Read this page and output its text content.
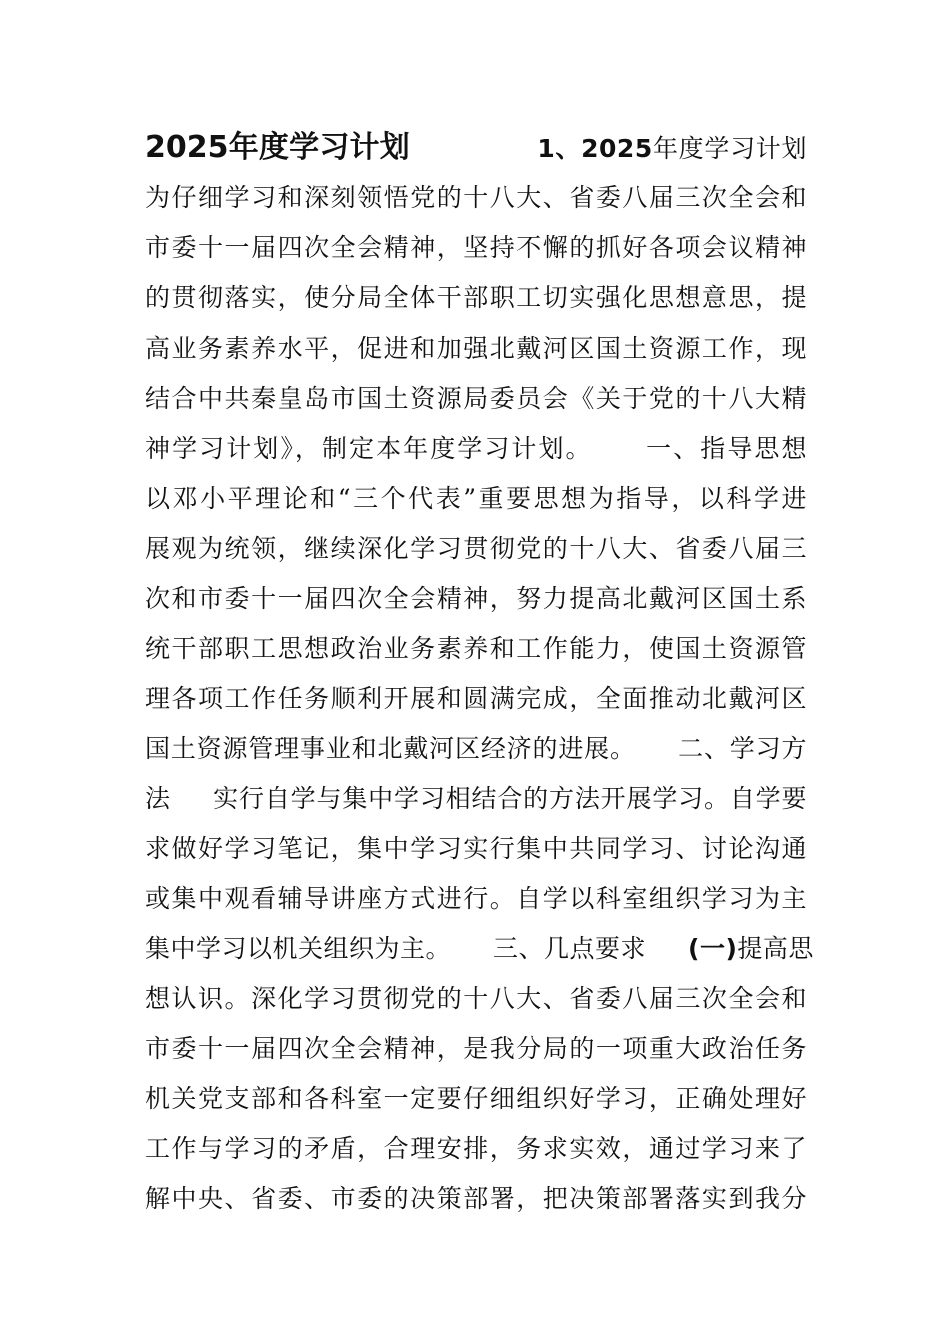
2025年度学习计划	1、2025年度学习计划
为仔细学习和深刻领悟党的十八大、省委八届三次全会和
市委十一届四次全会精神，坚持不懈的抓好各项会议精神
的贯彻落实，使分局全体干部职工切实强化思想意思，提
高业务素养水平，促进和加强北戴河区国土资源工作，现
结合中共秦皇岛市国土资源局委员会《关于党的十八大精
神学习计划》，制定本年度学习计划。 一、指导思想
以邓小平理论和“三个代表”重要思想为指导，以科学进
展观为统领，继续深化学习贯彻党的十八大、省委八届三
次和市委十一届四次全会精神，努力提高北戴河区国土系
统干部职工思想政治业务素养和工作能力，使国土资源管
理各项工作任务顺利开展和圆满完成，全面推动北戴河区
国土资源管理事业和北戴河区经济的进展。 二、学习方
法 实行自学与集中学习相结合的方法开展学习。自学要
求做好学习笔记，集中学习实行集中共同学习、讨论沟通
或集中观看辅导讲座方式进行。自学以科室组织学习为主
集中学习以机关组织为主。 三、几点要求 (一)提高思
想认识。深化学习贯彻党的十八大、省委八届三次全会和
市委十一届四次全会精神，是我分局的一项重大政治任务
机关党支部和各科室一定要仔细组织好学习，正确处理好
工作与学习的矛盾，合理安排，务求实效，通过学习来了
解中央、省委、市委的决策部署，把决策部署落实到我分
